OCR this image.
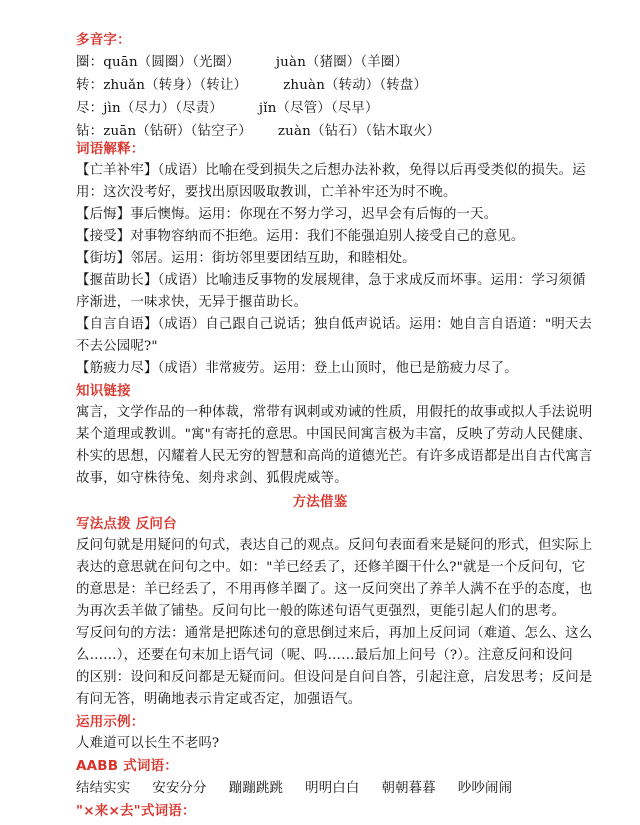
多音字：
圈：quān（圆圈）（光圈）	juàn（猪圈）（羊圈）
转：zhuǎn（转身）（转让）	zhuàn（转动）（转盘）
尽：jìn（尽力）（尽责）	jǐn（尽管）（尽早）
钻：zuān（钻研）（钻空子） zuàn（钻石）（钻木取火）
词语解释：
【亡羊补牢】（成语）比喻在受到损失之后想办法补救，免得以后再受类似的损失。运
用：这次没考好，要找出原因吸取教训，亡羊补牢还为时不晚。
【后悔】事后懊悔。运用：你现在不努力学习，迟早会有后悔的一天。
【接受】对事物容纳而不拒绝。运用：我们不能强迫别人接受自己的意见。
【街坊】邻居。运用：街坊邻里要团结互助，和睦相处。
【揠苗助长】（成语）比喻违反事物的发展规律，急于求成反而坏事。运用：学习须循
序渐进，一味求快，无异于揠苗助长。
【自言自语】（成语）自己跟自己说话；独自低声说话。运用：她自言自语道："明天去
不去公园呢?"
【筋疲力尽】（成语）非常疲劳。运用：登上山顶时，他已是筋疲力尽了。
知识链接
寓言，文学作品的一种体裁，常带有讽刺或劝诫的性质，用假托的故事或拟人手法说明
某个道理或教训。"寓"有寄托的意思。中国民间寓言极为丰富，反映了劳动人民健康、
朴实的思想，闪耀着人民无穷的智慧和高尚的道德光芒。有许多成语都是出自古代寓言
故事，如守株待兔、刻舟求剑、狐假虎威等。
方法借鉴
写法点拨 反问台
反问句就是用疑问的句式，表达自己的观点。反问句表面看来是疑问的形式，但实际上
表达的意思就在问句之中。如："羊已经丢了，还修羊圈干什么?"就是一个反问句，它
的意思是：羊已经丢了，不用再修羊圈了。这一反问突出了养羊人满不在乎的态度，也
为再次丢羊做了铺垫。反问句比一般的陈述句语气更强烈，更能引起人们的思考。
写反问句的方法：通常是把陈述句的意思倒过来后，再加上反问词（难道、怎么、这么
么……），还要在句末加上语气词（呢、吗……最后加上问号（?）。注意反问和设问
的区别：设问和反问都是无疑而问。但设问是自问自答，引起注意，启发思考；反问是
有问无答，明确地表示肯定或否定，加强语气。
运用示例：
人难道可以长生不老吗?
AABB 式词语：
结结实实 安安分分 蹦蹦跳跳 明明白白 朝朝暮暮 吵吵闹闹
"×来×去"式词语：
